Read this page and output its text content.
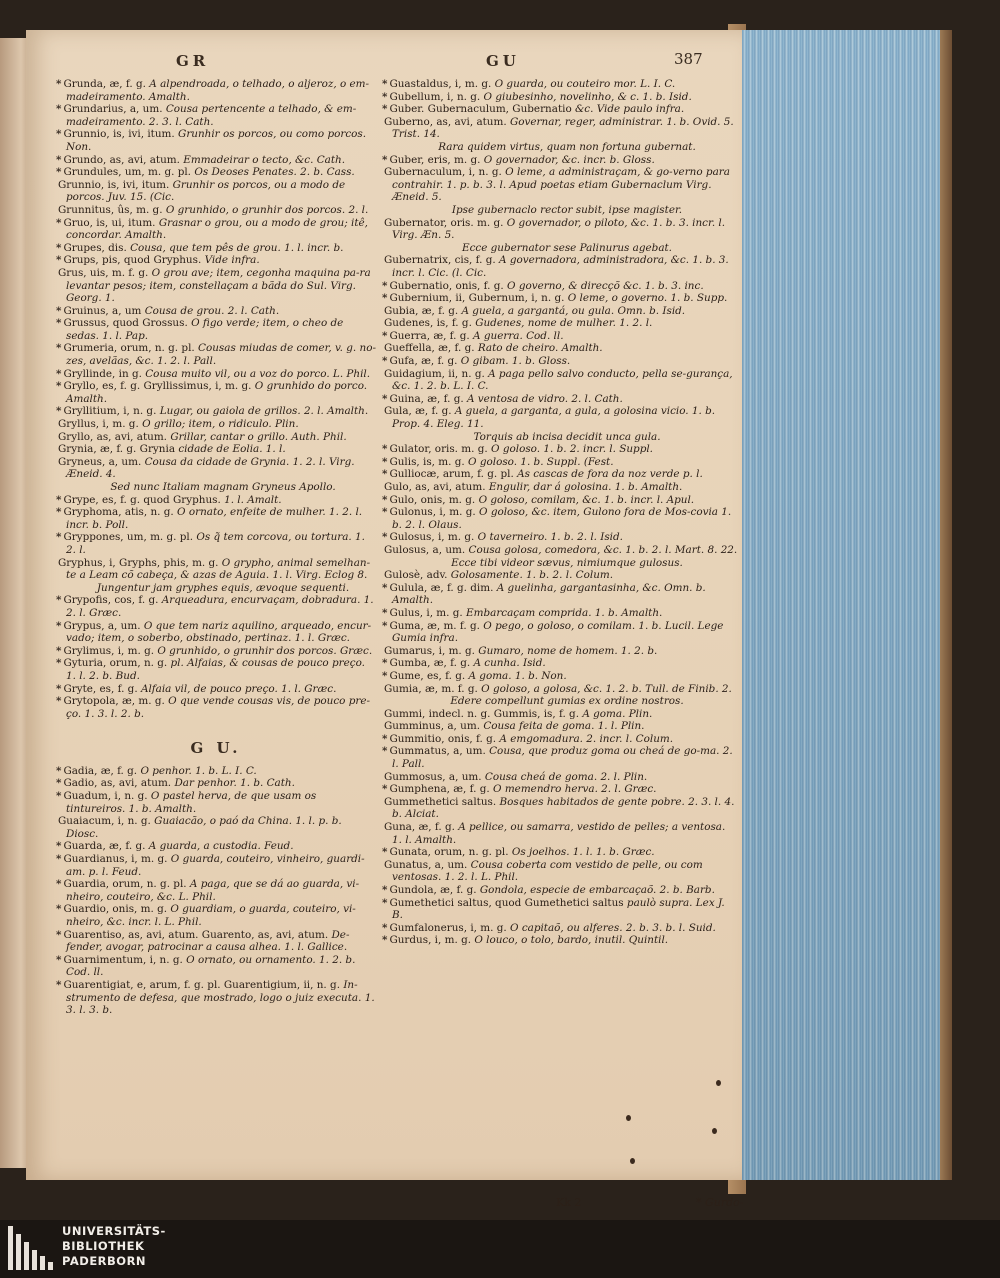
GR	GU	387

* Grunda, æ, f. g. A alpendroada, o telhado, o aljeroz, o em-madeiramento. Amalth.

* Grundarius, a, um. Cousa pertencente a telhado, & em-madeiramento. 2. 3. l. Cath.

* Grunnio, is, ivi, itum. Grunhir os porcos, ou como porcos. Non.

* Grundo, as, avi, atum. Emmadeirar o tecto, &c. Cath.

* Grundules, um, m. g. pl. Os Deoses Penates. 2. b. Cass.

Grunnio, is, ivi, itum. Grunhir os porcos, ou a modo de porcos. Juv. 15. (Cic.

Grunnitus, ûs, m. g. O grunhido, o grunhir dos porcos. 2. l.

* Gruo, is, ui, itum. Grasnar o grou, ou a modo de grou; itê, concordar. Amalth.

* Grupes, dis. Cousa, que tem pês de grou. 1. l. incr. b.

* Grups, pis, quod Gryphus. Vide infra.

Grus, uis, m. f. g. O grou ave; item, cegonha maquina pa-ra levantar pesos; item, constellaçam a bãda do Sul. Virg. Georg. 1.

* Gruinus, a, um Cousa de grou. 2. l. Cath.

* Grussus, quod Grossus. O figo verde; item, o cheo de sedas. 1. l. Pap.

* Grumeria, orum, n. g. pl. Cousas miudas de comer, v. g. no-zes, avelãas, &c. 1. 2. l. Pall.

* Gryllinde, in g. Cousa muito vil, ou a voz do porco. L. Phil.

* Gryllo, es, f. g. Gryllissimus, i, m. g. O grunhido do porco. Amalth.

* Gryllitium, i, n. g. Lugar, ou gaiola de grillos. 2. l. Amalth.

Gryllus, i, m. g. O grillo; item, o ridiculo. Plin.

Gryllo, as, avi, atum. Grillar, cantar o grillo. Auth. Phil.

Grynia, æ, f. g. Grynia cidade de Eolia. 1. l.

Gryneus, a, um. Cousa da cidade de Grynia. 1. 2. l. Virg. Æneid. 4.

Sed nunc Italiam magnam Gryneus Apollo.

* Grype, es, f. g. quod Gryphus. 1. l. Amalt.

* Gryphoma, atis, n. g. O ornato, enfeite de mulher. 1. 2. l. incr. b. Poll.

* Gryppones, um, m. g. pl. Os q̃ tem corcova, ou tortura. 1. 2. l.

Gryphus, i, Gryphs, phis, m. g. O grypho, animal semelhan-te a Leam cõ cabeça, & azas de Aguia. 1. l. Virg. Eclog 8.

Jungentur jam gryphes equis, ævoque sequenti.

* Grypofis, cos, f. g. Arqueadura, encurvaçam, dobradura. 1. 2. l. Græc.

* Grypus, a, um. O que tem nariz aquilino, arqueado, encur-vado; item, o soberbo, obstinado, pertinaz. 1. l. Græc.

* Grylimus, i, m. g. O grunhido, o grunhir dos porcos. Græc.

* Gyturia, orum, n. g. pl. Alfaias, & cousas de pouco preço. 1. l. 2. b. Bud.

* Gryte, es, f. g. Alfaia vil, de pouco preço. 1. l. Græc.

* Grytopola, æ, m. g. O que vende cousas vis, de pouco pre-ço. 1. 3. l. 2. b.

G U.

* Gadia, æ, f. g. O penhor. 1. b. L. I. C.

* Gadio, as, avi, atum. Dar penhor. 1. b. Cath.

* Guadum, i, n. g. O pastel herva, de que usam os tintureiros. 1. b. Amalth.

Guaiacum, i, n. g. Guaiacão, o paó da China. 1. l. p. b. Diosc.

* Guarda, æ, f. g. A guarda, a custodia. Feud.

* Guardianus, i, m. g. O guarda, couteiro, vinheiro, guardi-am. p. l. Feud.

* Guardia, orum, n. g. pl. A paga, que se dá ao guarda, vi-nheiro, couteiro, &c. L. Phil.

* Guardio, onis, m. g. O guardiam, o guarda, couteiro, vi-nheiro, &c. incr. l. L. Phil.

* Guarentiso, as, avi, atum. Guarento, as, avi, atum. De-fender, avogar, patrocinar a causa alhea. 1. l. Gallice.

* Guarnimentum, i, n. g. O ornato, ou ornamento. 1. 2. b. Cod. ll.

* Guarentigiat, e, arum, f. g. pl. Guarentigium, ii, n. g. In-strumento de defesa, que mostrado, logo o juiz executa. 1. 3. l. 3. b.

* Guastaldus, i, m. g. O guarda, ou couteiro mor. L. I. C.

* Gubellum, i, n. g. O giubesinho, novelinho, & c. 1. b. Isid.

* Guber. Gubernaculum, Gubernatio &c. Vide paulo infra.

Guberno, as, avi, atum. Governar, reger, administrar. 1. b. Ovid. 5. Trist. 14.

Rara quidem virtus, quam non fortuna gubernat.

* Guber, eris, m. g. O governador, &c. incr. b. Gloss.

Gubernaculum, i, n. g. O leme, a administraçam, & go-verno para contrahir. 1. p. b. 3. l. Apud poetas etiam Gubernaclum Virg. Æneid. 5.

Ipse gubernaclo rector subit, ipse magister.

Gubernator, oris. m. g. O governador, o piloto, &c. 1. b. 3. incr. l. Virg. Æn. 5.

Ecce gubernator sese Palinurus agebat.

Gubernatrix, cis, f. g. A governadora, administradora, &c. 1. b. 3. incr. l. Cic. (l. Cic.

* Gubernatio, onis, f. g. O governo, & direcçõ &c. 1. b. 3. inc.

* Gubernium, ii, Gubernum, i, n. g. O leme, o governo. 1. b. Supp.

Gubia, æ, f. g. A guela, a gargantá, ou gula. Omn. b. Isid.

Gudenes, is, f. g. Gudenes, nome de mulher. 1. 2. l.

* Guerra, æ, f. g. A guerra. Cod. ll.

Gueffella, æ, f. g. Rato de cheiro. Amalth.

* Gufa, æ, f. g. O gibam. 1. b. Gloss.

Guidagium, ii, n. g. A paga pello salvo conducto, pella se-gurança, &c. 1. 2. b. L. I. C.

* Guina, æ, f. g. A ventosa de vidro. 2. l. Cath.

Gula, æ, f. g. A guela, a garganta, a gula, a golosina vicio. 1. b. Prop. 4. Eleg. 11.

Torquis ab incisa decidit unca gula.

* Gulator, oris. m. g. O goloso. 1. b. 2. incr. l. Suppl.

* Gulis, is, m. g. O goloso. 1. b. Suppl. (Fest.

* Gulliocæ, arum, f. g. pl. As cascas de fora da noz verde p. l.

Gulo, as, avi, atum. Engulir, dar á golosina. 1. b. Amalth.

* Gulo, onis, m. g. O goloso, comilam, &c. 1. b. incr. l. Apul.

* Gulonus, i, m. g. O goloso, &c. item, Gulono fora de Mos-covia 1. b. 2. l. Olaus.

* Gulosus, i, m. g. O taverneiro. 1. b. 2. l. Isid.

Gulosus, a, um. Cousa golosa, comedora, &c. 1. b. 2. l. Mart. 8. 22.

Ecce tibi videor sævus, nimiumque gulosus.

Gulosè, adv. Golosamente. 1. b. 2. l. Colum.

* Gulula, æ, f. g. dim. A guelinha, gargantasinha, &c. Omn. b. Amalth.

* Gulus, i, m. g. Embarcaçam comprida. 1. b. Amalth.

* Guma, æ, m. f. g. O pego, o goloso, o comilam. 1. b. Lucil. Lege Gumia infra.

Gumarus, i, m. g. Gumaro, nome de homem. 1. 2. b.

* Gumba, æ, f. g. A cunha. Isid.

* Gume, es, f. g. A goma. 1. b. Non.

Gumia, æ, m. f. g. O goloso, a golosa, &c. 1. 2. b. Tull. de Finib. 2.

Edere compellunt gumias ex ordine nostros.

Gummi, indecl. n. g. Gummis, is, f. g. A goma. Plin.

Gumminus, a, um. Cousa feita de goma. 1. l. Plin.

* Gummitio, onis, f. g. A emgomadura. 2. incr. l. Colum.

* Gummatus, a, um. Cousa, que produz goma ou cheá de go-ma. 2. l. Pall.

Gummosus, a, um. Cousa cheá de goma. 2. l. Plin.

* Gumphena, æ, f. g. O memendro herva. 2. l. Græc.

Gummethetici saltus. Bosques habitados de gente pobre. 2. 3. l. 4. b. Alciat.

Guna, æ, f. g. A pellice, ou samarra, vestido de pelles; a ventosa. 1. l. Amalth.

* Gunata, orum, n. g. pl. Os joelhos. 1. l. 1. b. Græc.

Gunatus, a, um. Cousa coberta com vestido de pelle, ou com ventosas. 1. 2. l. L. Phil.

* Gundola, æ, f. g. Gondola, especie de embarcaçaõ. 2. b. Barb.

* Gumethetici saltus, quod Gumethetici saltus paulò supra. Lex J. B.

* Gumfalonerus, i, m. g. O capitaõ, ou alferes. 2. b. 3. b. l. Suid.

* Gurdus, i, m. g. O louco, o tolo, bardo, inutil. Quintil.

Kk 2	* Gurdo-
UNIVERSITÄTS-
BIBLIOTHEK
PADERBORN
